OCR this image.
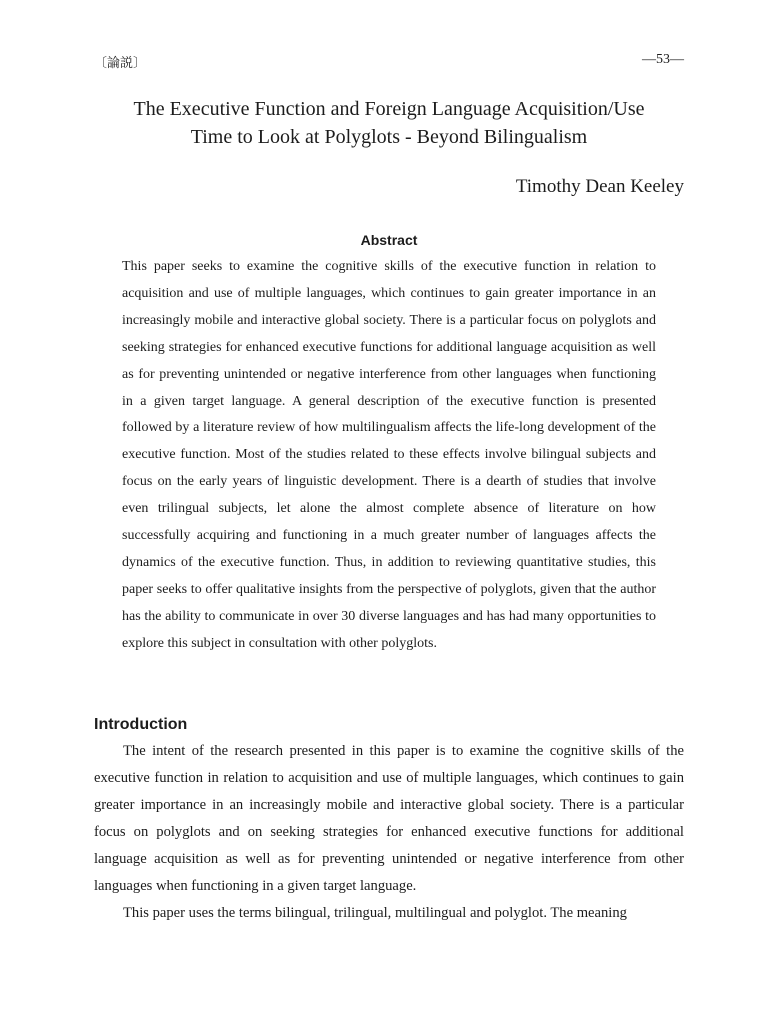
〔論説〕	—53—
The Executive Function and Foreign Language Acquisition/Use
Time to Look at Polyglots - Beyond Bilingualism
Timothy Dean Keeley
Abstract

This paper seeks to examine the cognitive skills of the executive function in relation to acquisition and use of multiple languages, which continues to gain greater importance in an increasingly mobile and interactive global society. There is a particular focus on polyglots and seeking strategies for enhanced executive functions for additional language acquisition as well as for preventing unintended or negative interference from other languages when functioning in a given target language. A general description of the executive function is presented followed by a literature review of how multilingualism affects the life-long development of the executive function. Most of the studies related to these effects involve bilingual subjects and focus on the early years of linguistic development. There is a dearth of studies that involve even trilingual subjects, let alone the almost complete absence of literature on how successfully acquiring and functioning in a much greater number of languages affects the dynamics of the executive function. Thus, in addition to reviewing quantitative studies, this paper seeks to offer qualitative insights from the perspective of polyglots, given that the author has the ability to communicate in over 30 diverse languages and has had many opportunities to explore this subject in consultation with other polyglots.

Introduction

The intent of the research presented in this paper is to examine the cognitive skills of the executive function in relation to acquisition and use of multiple languages, which continues to gain greater importance in an increasingly mobile and interactive global society. There is a particular focus on polyglots and on seeking strategies for enhanced executive functions for additional language acquisition as well as for preventing unintended or negative interference from other languages when functioning in a given target language.

This paper uses the terms bilingual, trilingual, multilingual and polyglot. The meaning
